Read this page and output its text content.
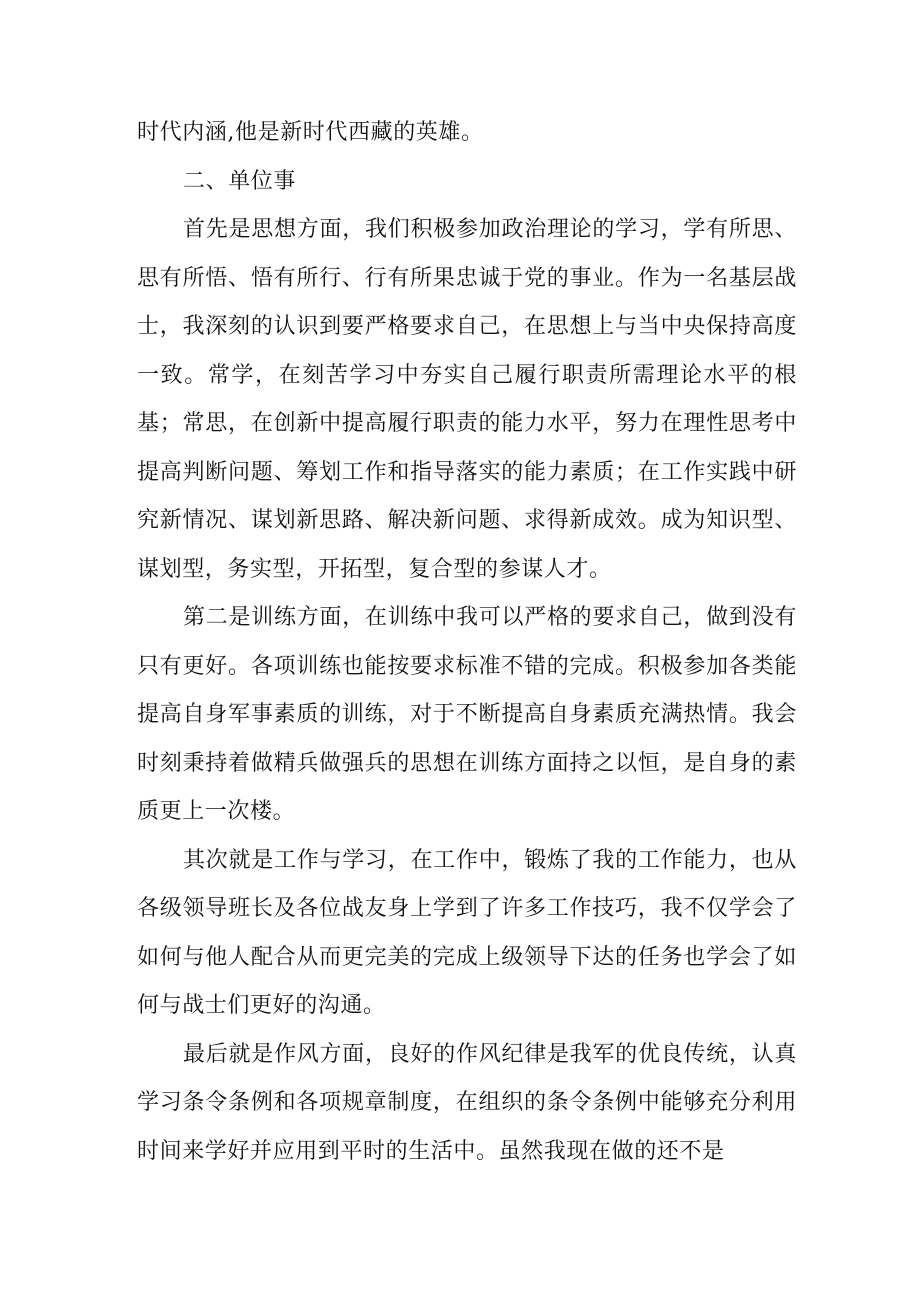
时代内涵,他是新时代西藏的英雄。

二、单位事

首先是思想方面，我们积极参加政治理论的学习，学有所思、思有所悟、悟有所行、行有所果忠诚于党的事业。作为一名基层战士，我深刻的认识到要严格要求自己，在思想上与当中央保持高度一致。常学，在刻苦学习中夯实自己履行职责所需理论水平的根基；常思，在创新中提高履行职责的能力水平，努力在理性思考中提高判断问题、筹划工作和指导落实的能力素质；在工作实践中研究新情况、谋划新思路、解决新问题、求得新成效。成为知识型、谋划型，务实型，开拓型，复合型的参谋人才。

第二是训练方面，在训练中我可以严格的要求自己，做到没有只有更好。各项训练也能按要求标准不错的完成。积极参加各类能提高自身军事素质的训练，对于不断提高自身素质充满热情。我会时刻秉持着做精兵做强兵的思想在训练方面持之以恒，是自身的素质更上一次楼。

其次就是工作与学习，在工作中，锻炼了我的工作能力，也从各级领导班长及各位战友身上学到了许多工作技巧，我不仅学会了如何与他人配合从而更完美的完成上级领导下达的任务也学会了如何与战士们更好的沟通。

最后就是作风方面，良好的作风纪律是我军的优良传统，认真学习条令条例和各项规章制度，在组织的条令条例中能够充分利用时间来学好并应用到平时的生活中。虽然我现在做的还不是
